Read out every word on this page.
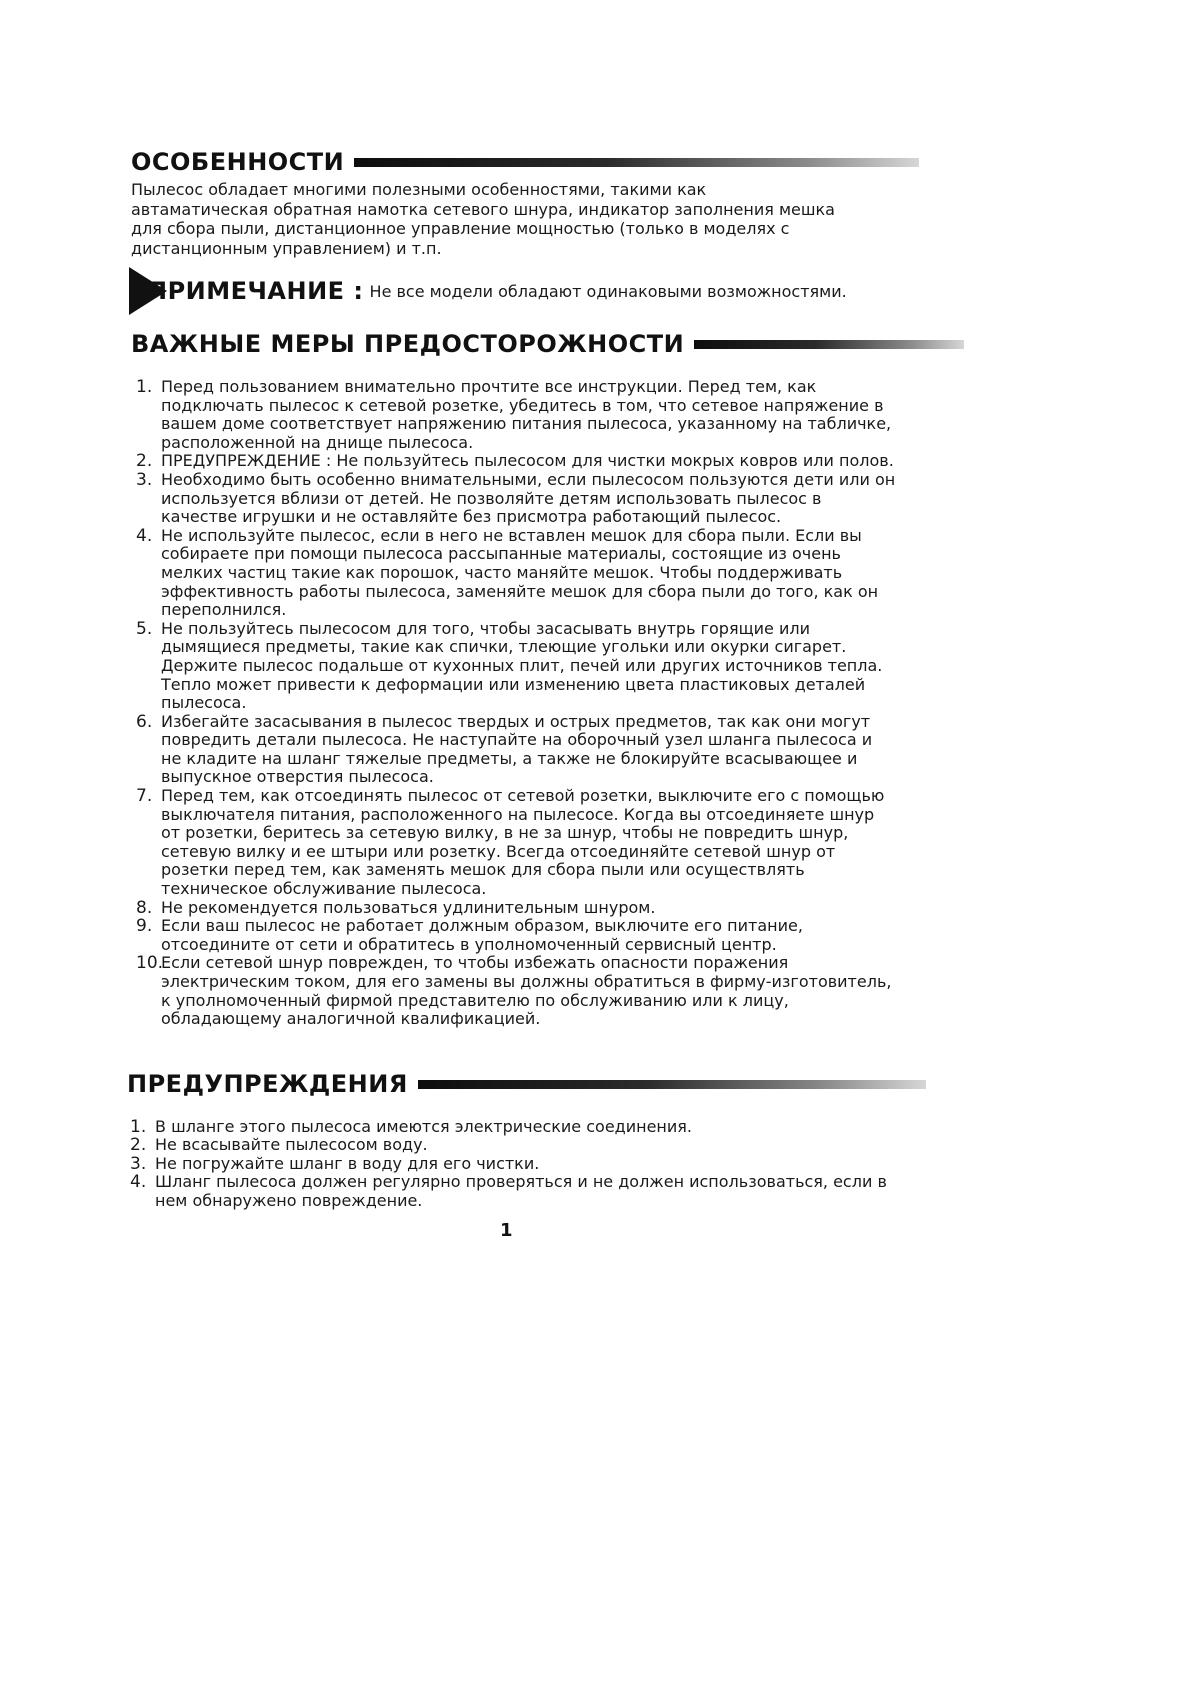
ОСОБЕННОСТИ
Пылесос обладает многими полезными особенностями, такими как автаматическая обратная намотка сетевого шнура, индикатор заполнения мешка для сбора пыли, дистанционное управление мощностью (только в моделях с дистанционным управлением) и т.п.
ПРИМЕЧАНИЕ : Не все модели обладают одинаковыми возможностями.
ВАЖНЫЕ МЕРЫ ПРЕДОСТОРОЖНОСТИ
1. Перед пользованием внимательно прочтите все инструкции. Перед тем, как подключать пылесос к сетевой розетке, убедитесь в том, что сетевое напряжение в вашем доме соответствует напряжению питания пылесоса, указанному на табличке, расположенной на днище пылесоса.
2. ПРЕДУПРЕЖДЕНИЕ : Не пользуйтесь пылесосом для чистки мокрых ковров или полов.
3. Необходимо быть особенно внимательными, если пылесосом пользуются дети или он используется вблизи от детей. Не позволяйте детям использовать пылесос в качестве игрушки и не оставляйте без присмотра работающий пылесос.
4. Не используйте пылесос, если в него не вставлен мешок для сбора пыли. Если вы собираете при помощи пылесоса рассыпанные материалы, состоящие из очень мелких частиц такие как порошок, часто маняйте мешок. Чтобы поддерживать эффективность работы пылесоса, заменяйте мешок для сбора пыли до того, как он переполнился.
5. Не пользуйтесь пылесосом для того, чтобы засасывать внутрь горящие или дымящиеся предметы, такие как спички, тлеющие угольки или окурки сигарет. Держите пылесос подальше от кухонных плит, печей или других источников тепла. Тепло может привести к деформации или изменению цвета пластиковых деталей пылесоса.
6. Избегайте засасывания в пылесос твердых и острых предметов, так как они могут повредить детали пылесоса. Не наступайте на оборочный узел шланга пылесоса и не кладите на шланг тяжелые предметы, а также не блокируйте всасывающее и выпускное отверстия пылесоса.
7. Перед тем, как отсоединять пылесос от сетевой розетки, выключите его с помощью выключателя питания, расположенного на пылесосе. Когда вы отсоединяете шнур от розетки, беритесь за сетевую вилку, в не за шнур, чтобы не повредить шнур, сетевую вилку и ее штыри или розетку. Всегда отсоединяйте сетевой шнур от розетки перед тем, как заменять мешок для сбора пыли или осуществлять техническое обслуживание пылесоса.
8. Не рекомендуется пользоваться удлинительным шнуром.
9. Если ваш пылесос не работает должным образом, выключите его питание, отсоедините от сети и обратитесь в уполномоченный сервисный центр.
10.
Если сетевой шнур поврежден, то чтобы избежать опасности поражения электрическим током, для его замены вы должны обратиться в фирму-изготовитель, к уполномоченный фирмой представителю по обслуживанию или к лицу, обладающему аналогичной квалификацией.
ПРЕДУПРЕЖДЕНИЯ
1. В шланге этого пылесоса имеются электрические соединения.
2. Не всасывайте пылесосом воду.
3. Не погружайте шланг в воду для его чистки.
4. Шланг пылесоса должен регулярно проверяться и не должен использоваться, если в нем обнаружено повреждение.
1
